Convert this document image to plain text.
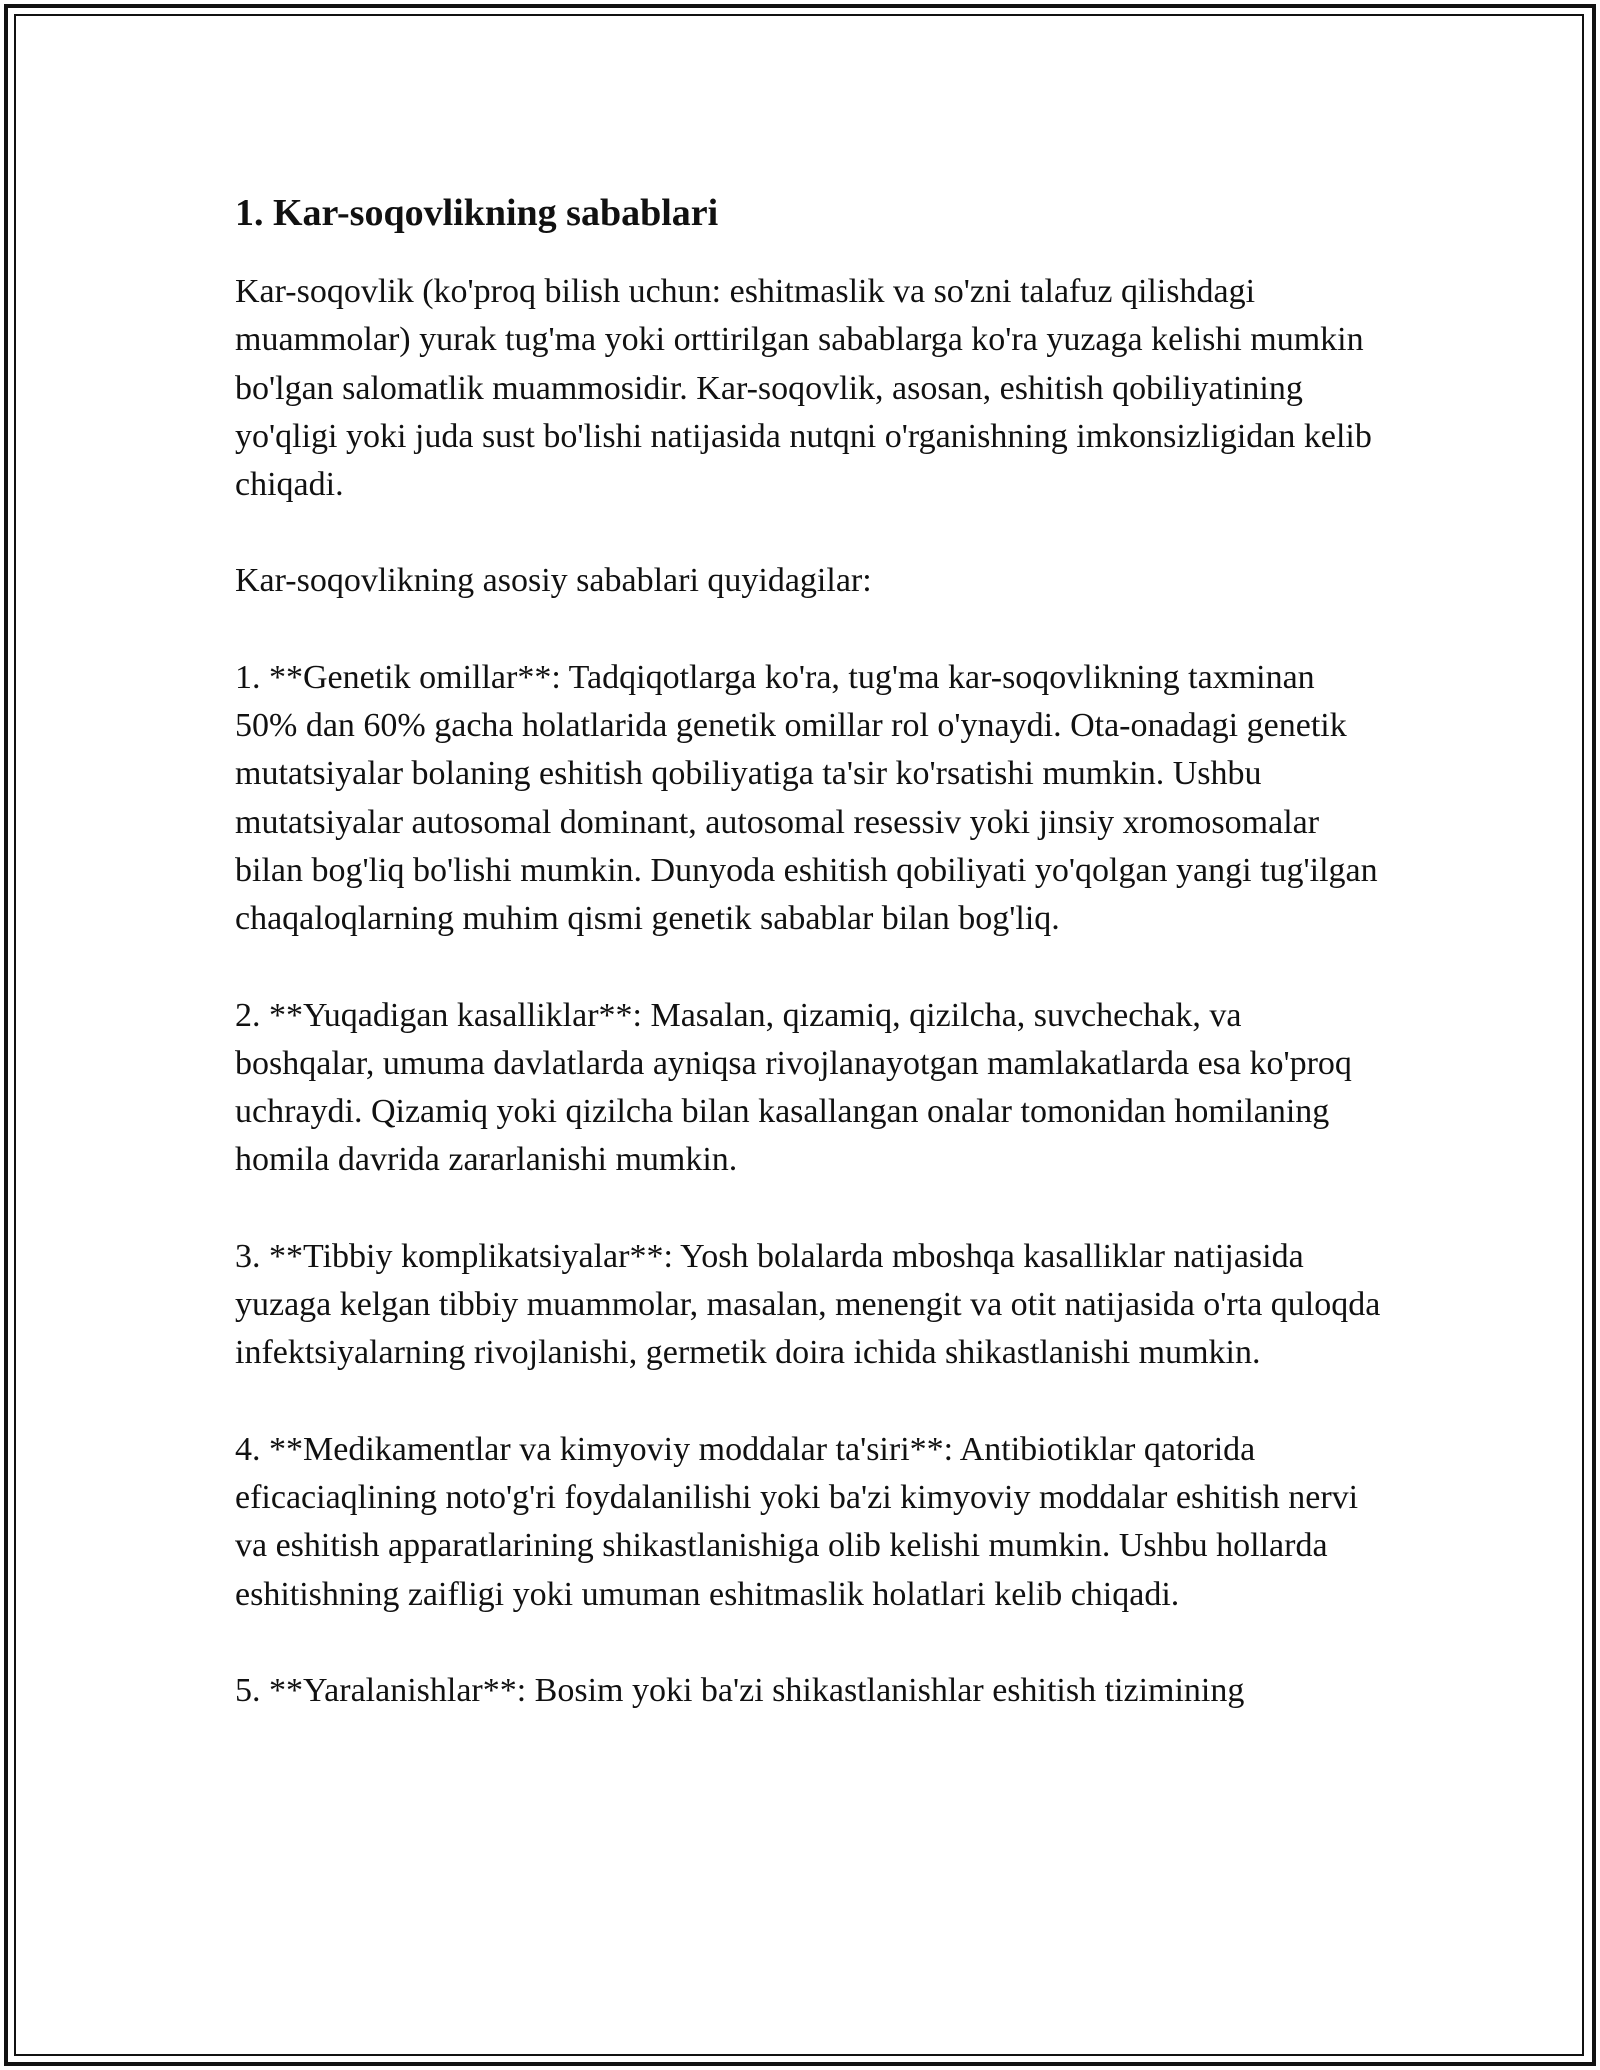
1. Kar-soqovlikning sabablari

Kar-soqovlik (ko'proq bilish uchun: eshitmaslik va so'zni talafuz qilishdagi muammolar) yurak tug'ma yoki orttirilgan sabablarga ko'ra yuzaga kelishi mumkin bo'lgan salomatlik muammosidir. Kar-soqovlik, asosan, eshitish qobiliyatining yo'qligi yoki juda sust bo'lishi natijasida nutqni o'rganishning imkonsizligidan kelib chiqadi.

Kar-soqovlikning asosiy sabablari quyidagilar:

1. **Genetik omillar**: Tadqiqotlarga ko'ra, tug'ma kar-soqovlikning taxminan 50% dan 60% gacha holatlarida genetik omillar rol o'ynaydi. Ota-onadagi genetik mutatsiyalar bolaning eshitish qobiliyatiga ta'sir ko'rsatishi mumkin. Ushbu mutatsiyalar autosomal dominant, autosomal resessiv yoki jinsiy xromosomalar bilan bog'liq bo'lishi mumkin. Dunyoda eshitish qobiliyati yo'qolgan yangi tug'ilgan chaqaloqlarning muhim qismi genetik sabablar bilan bog'liq.

2. **Yuqadigan kasalliklar**: Masalan, qizamiq, qizilcha, suvchechak, va boshqalar, umuma davlatlarda ayniqsa rivojlanayotgan mamlakatlarda esa ko'proq uchraydi. Qizamiq yoki qizilcha bilan kasallangan onalar tomonidan homilaning homila davrida zararlanishi mumkin.

3. **Tibbiy komplikatsiyalar**: Yosh bolalarda mboshqa kasalliklar natijasida yuzaga kelgan tibbiy muammolar, masalan, menengit va otit natijasida o'rta quloqda infektsiyalarning rivojlanishi, germetik doira ichida shikastlanishi mumkin.

4. **Medikamentlar va kimyoviy moddalar ta'siri**: Antibiotiklar qatorida eficaciaqlining noto'g'ri foydalanilishi yoki ba'zi kimyoviy moddalar eshitish nervi va eshitish apparatlarining shikastlanishiga olib kelishi mumkin. Ushbu hollarda eshitishning zaifligi yoki umuman eshitmaslik holatlari kelib chiqadi.

5. **Yaralanishlar**: Bosim yoki ba'zi shikastlanishlar eshitish tizimining
